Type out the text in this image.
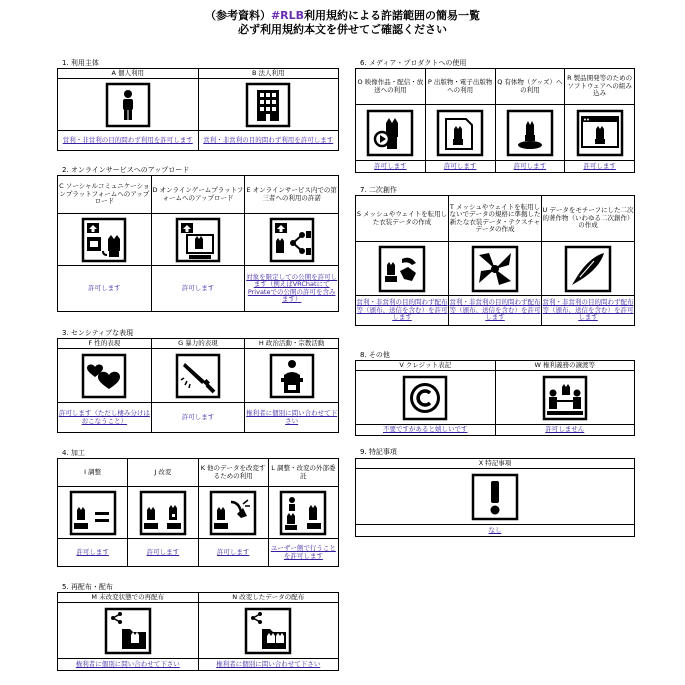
（参考資料）#RLB利用規約による許諾範囲の簡易一覧
必ず利用規約本文を併せてご確認ください
1. 利用主体
A 個人利用	B 法人利用

営利・非営利の目的問わず利用を許可します	営利・非営利の目的問わず利用を許可します
2. オンラインサービスへのアップロード
C ソーシャルコミュニケーションプラットフォームへのアップロード	D オンラインゲームプラットフォームへのアップロード	E オンラインサービス内での第三者への利用の許諾

許可します	許可します	対象を限定しての公開を許可します（例えばVRChatにてPrivateでの公開の許可を含みます）
3. センシティブな表現
F 性的表現	G 暴力的表現	H 政治活動・宗教活動

許可します（ただし棲み分けはおこなうこと）	許可します	権利者に個別に問い合わせて下さい
4. 加工
I 調整	J 改変	K 他のデータを改変するための利用	L 調整・改変の外部委託

許可します	許可します	許可します	ユーザー側で行うことを許可します
5. 再配布・配布
M 未改変状態での再配布	N 改変したデータの配布

権利者に個別に問い合わせて下さい	権利者に個別に問い合わせて下さい
6. メディア・プロダクトへの使用
O 映像作品・配信・放送への利用	P 出版物・電子出版物への利用	Q 有体物（グッズ）への利用	R 製品開発等のためのソフトウェアへの組み込み

許可します	許可します	許可します	許可します
7. 二次創作
S メッシュやウェイトを転用した衣装データの作成	T メッシュやウェイトを転用しないでデータの規格に準拠した新たな衣装データ・テクスチャデータの作成	U データをモチーフにした二次的著作物（いわゆる二次創作）の作成

営利・非営利の目的問わず配布等（頒布、送信を含む）を許可します	営利・非営利の目的問わず配布等（頒布、送信を含む）を許可します	営利・非営利の目的問わず配布等（頒布、送信を含む）を許可します
8. その他
V クレジット表記	W 権利義務の譲渡等

不要ですがあると嬉しいです	許可しません
9. 特記事項
X 特記事項

なし
